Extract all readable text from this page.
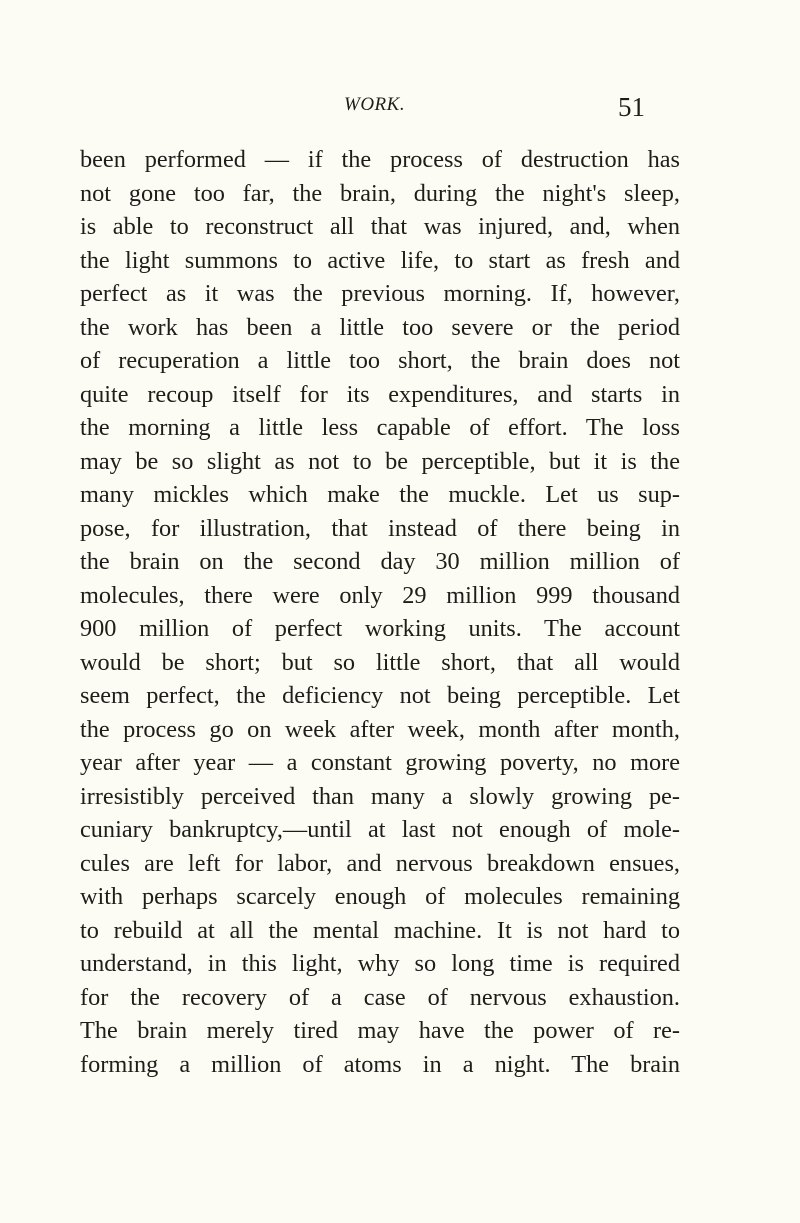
WORK.	51
been performed — if the process of destruction has
not gone too far, the brain, during the night's sleep,
is able to reconstruct all that was injured, and, when
the light summons to active life, to start as fresh and
perfect as it was the previous morning. If, however,
the work has been a little too severe or the period
of recuperation a little too short, the brain does not
quite recoup itself for its expenditures, and starts in
the morning a little less capable of effort. The loss
may be so slight as not to be perceptible, but it is the
many mickles which make the muckle. Let us sup-
pose, for illustration, that instead of there being in
the brain on the second day 30 million million of
molecules, there were only 29 million 999 thousand
900 million of perfect working units. The account
would be short; but so little short, that all would
seem perfect, the deficiency not being perceptible. Let
the process go on week after week, month after month,
year after year — a constant growing poverty, no more
irresistibly perceived than many a slowly growing pe-
cuniary bankruptcy,—until at last not enough of mole-
cules are left for labor, and nervous breakdown ensues,
with perhaps scarcely enough of molecules remaining
to rebuild at all the mental machine. It is not hard to
understand, in this light, why so long time is required
for the recovery of a case of nervous exhaustion.
The brain merely tired may have the power of re-
forming a million of atoms in a night. The brain
